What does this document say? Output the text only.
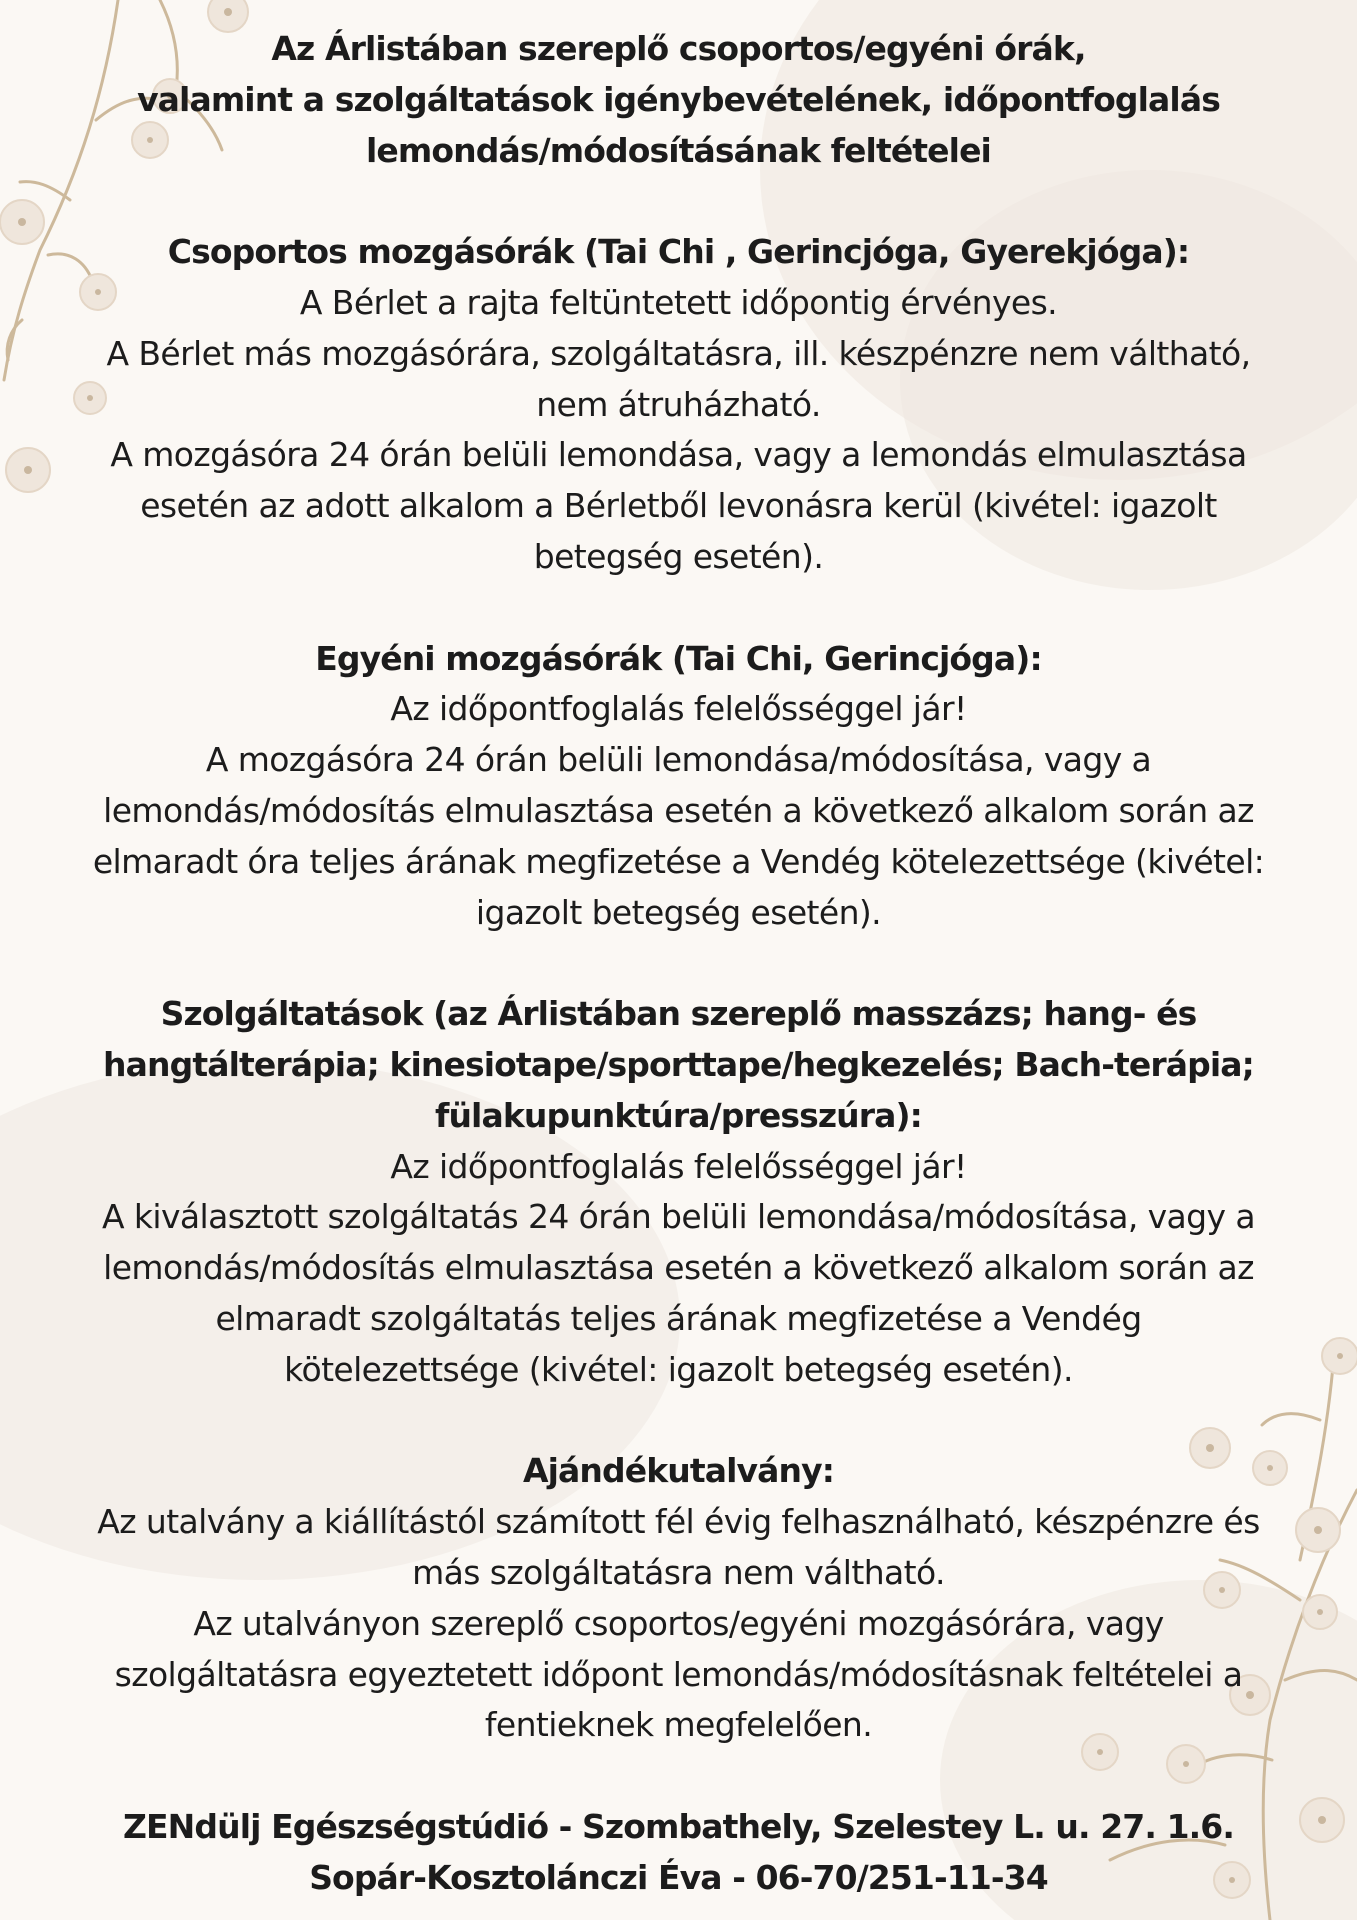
Az Árlistában szereplő csoportos/egyéni órák,
valamint a szolgáltatások igénybevételének, időpontfoglalás
lemondás/módosításának feltételei
Csoportos mozgásórák (Tai Chi , Gerincjóga, Gyerekjóga):
A Bérlet a rajta feltüntetett időpontig érvényes.
A Bérlet más mozgásórára, szolgáltatásra, ill. készpénzre nem váltható,
nem átruházható.
A mozgásóra 24 órán belüli lemondása, vagy a lemondás elmulasztása
esetén az adott alkalom a Bérletből levonásra kerül (kivétel: igazolt
betegség esetén).
Egyéni mozgásórák (Tai Chi, Gerincjóga):
Az időpontfoglalás felelősséggel jár!
A mozgásóra 24 órán belüli lemondása/módosítása, vagy a
lemondás/módosítás elmulasztása esetén a következő alkalom során az
elmaradt óra teljes árának megfizetése a Vendég kötelezettsége (kivétel:
igazolt betegség esetén).
Szolgáltatások (az Árlistában szereplő masszázs; hang- és
hangtálterápia; kinesiotape/sporttape/hegkezelés; Bach-terápia;
fülakupunktúra/presszúra):
Az időpontfoglalás felelősséggel jár!
A kiválasztott szolgáltatás 24 órán belüli lemondása/módosítása, vagy a
lemondás/módosítás elmulasztása esetén a következő alkalom során az
elmaradt szolgáltatás teljes árának megfizetése a Vendég
kötelezettsége (kivétel: igazolt betegség esetén).
Ajándékutalvány:
Az utalvány a kiállítástól számított fél évig felhasználható, készpénzre és
más szolgáltatásra nem váltható.
Az utalványon szereplő csoportos/egyéni mozgásórára, vagy
szolgáltatásra egyeztetett időpont lemondás/módosításnak feltételei a
fentieknek megfelelően.
ZENdülj Egészségstúdió - Szombathely, Szelestey L. u. 27. 1.6.
Sopár-Kosztolánczi Éva - 06-70/251-11-34
